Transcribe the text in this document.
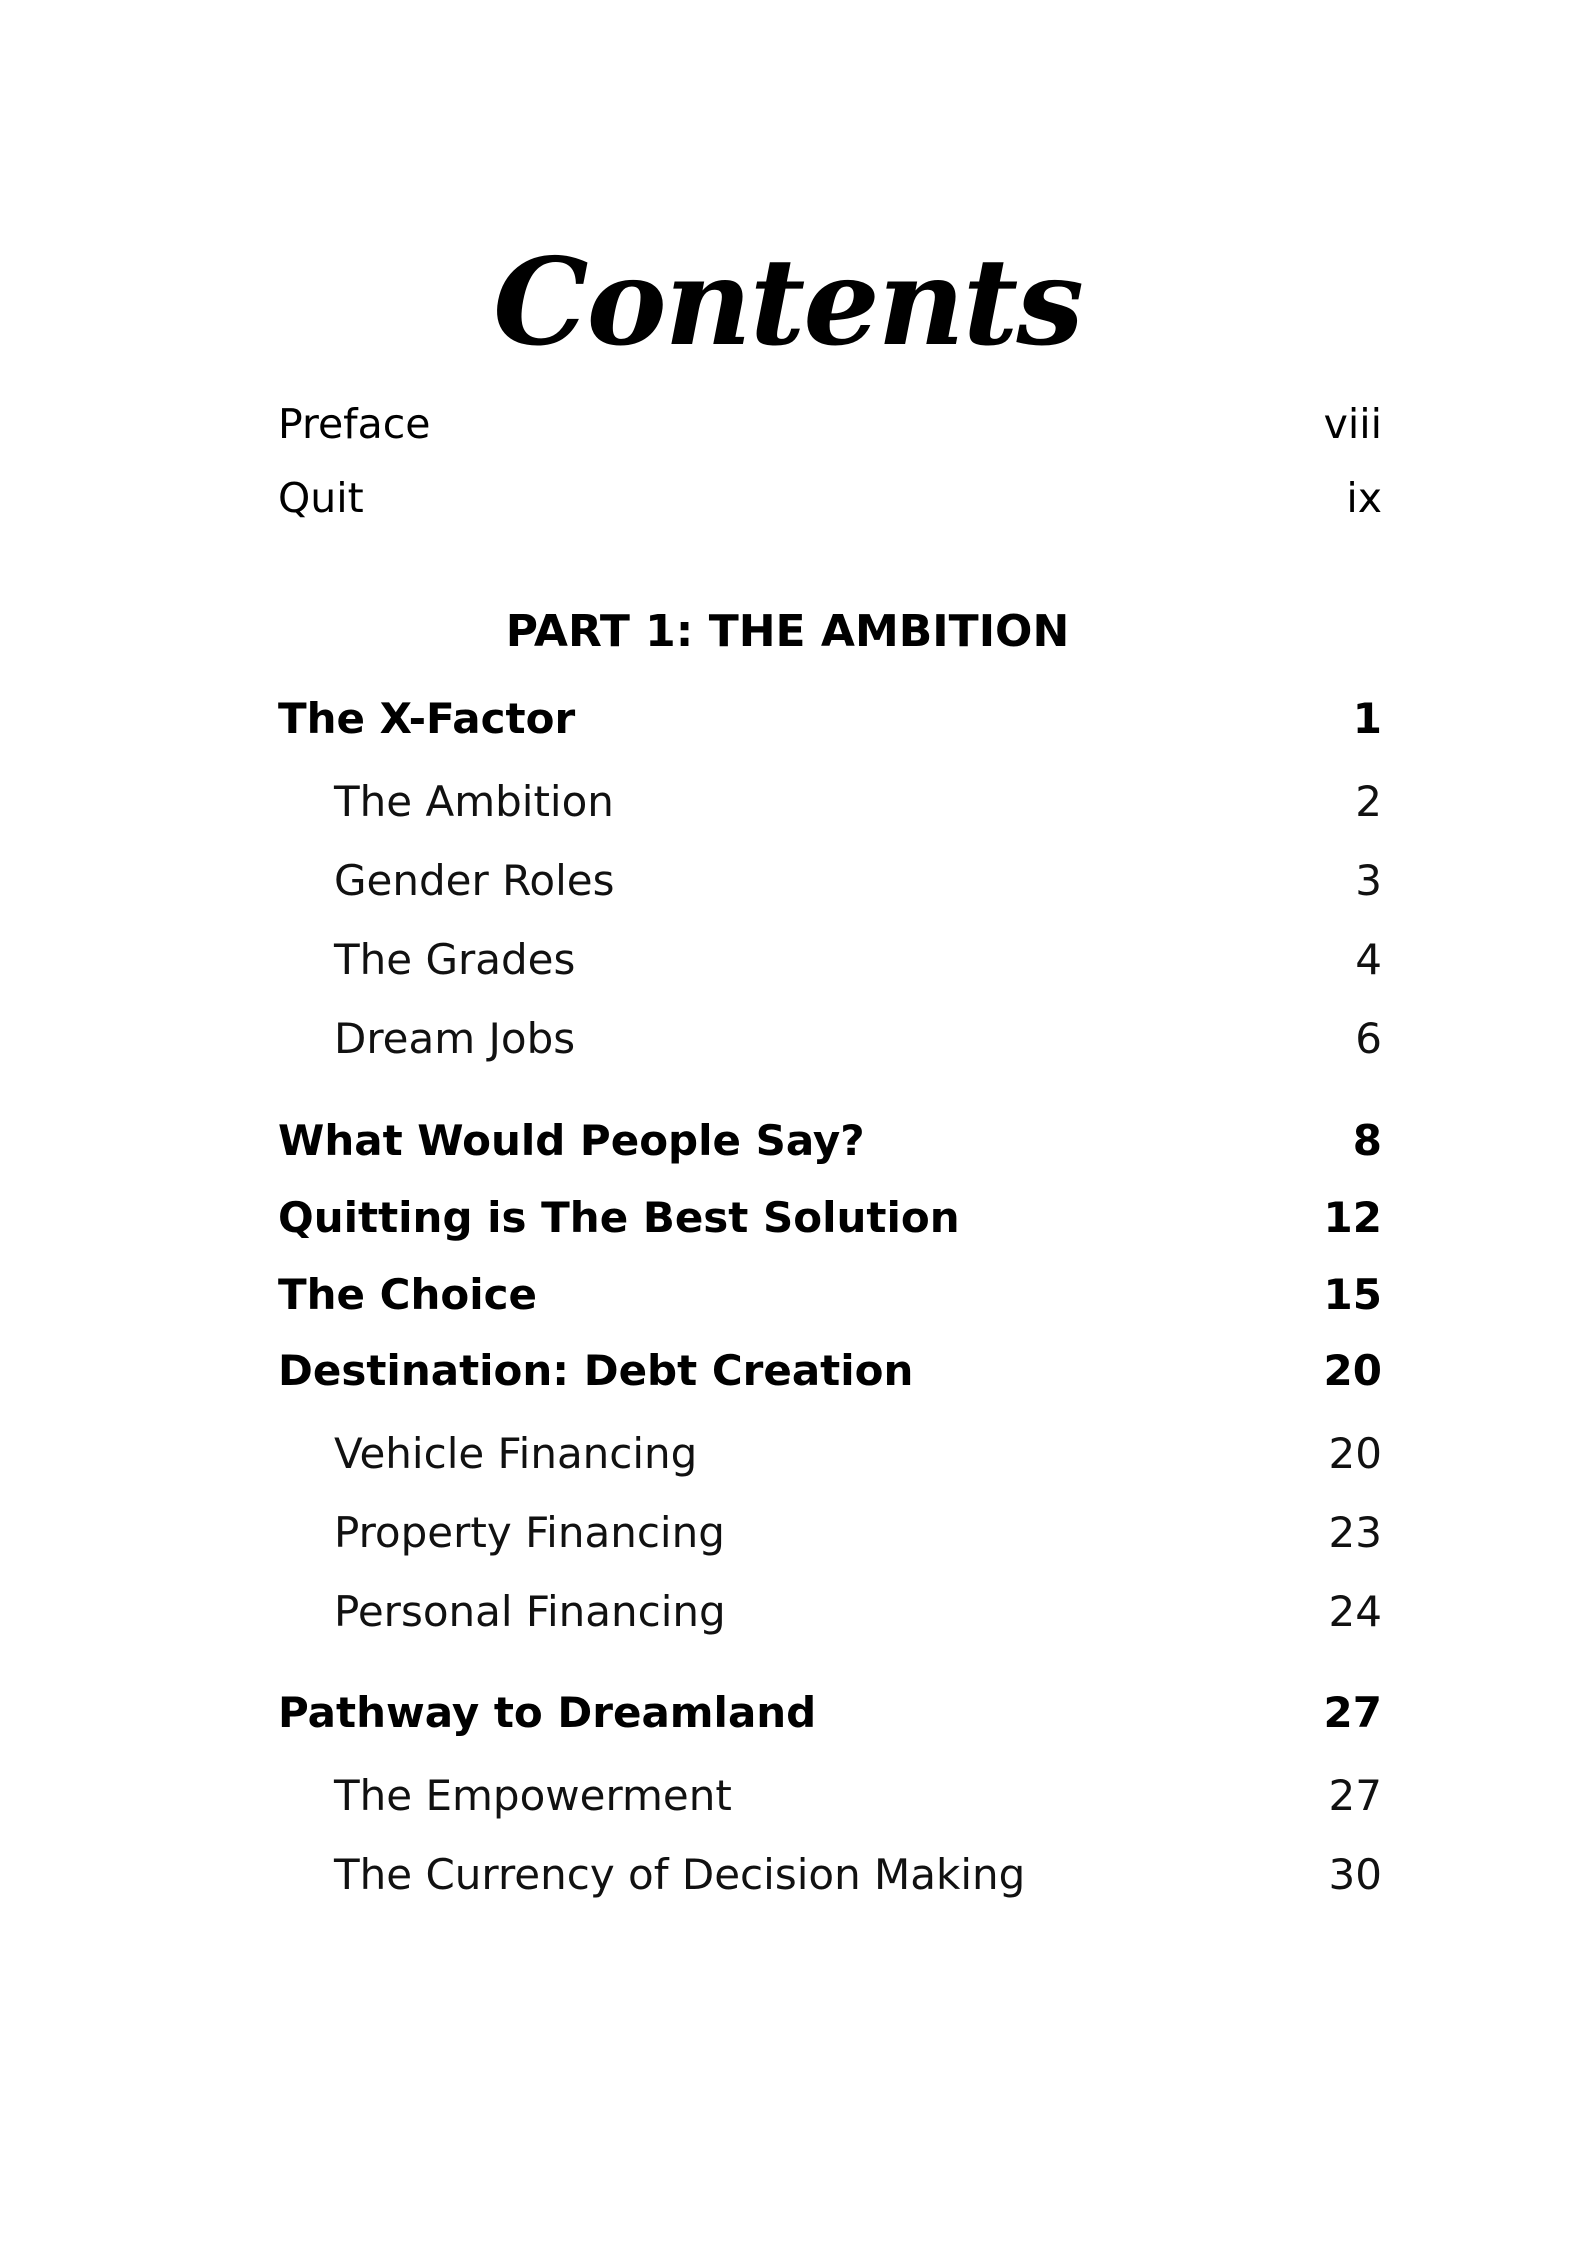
Contents
Preface	viii
Quit	ix
PART 1: THE AMBITION
The X-Factor	1
The Ambition	2
Gender Roles	3
The Grades	4
Dream Jobs	6
What Would People Say?	8
Quitting is The Best Solution	12
The Choice	15
Destination: Debt Creation	20
Vehicle Financing	20
Property Financing	23
Personal Financing	24
Pathway to Dreamland	27
The Empowerment	27
The Currency of Decision Making	30
